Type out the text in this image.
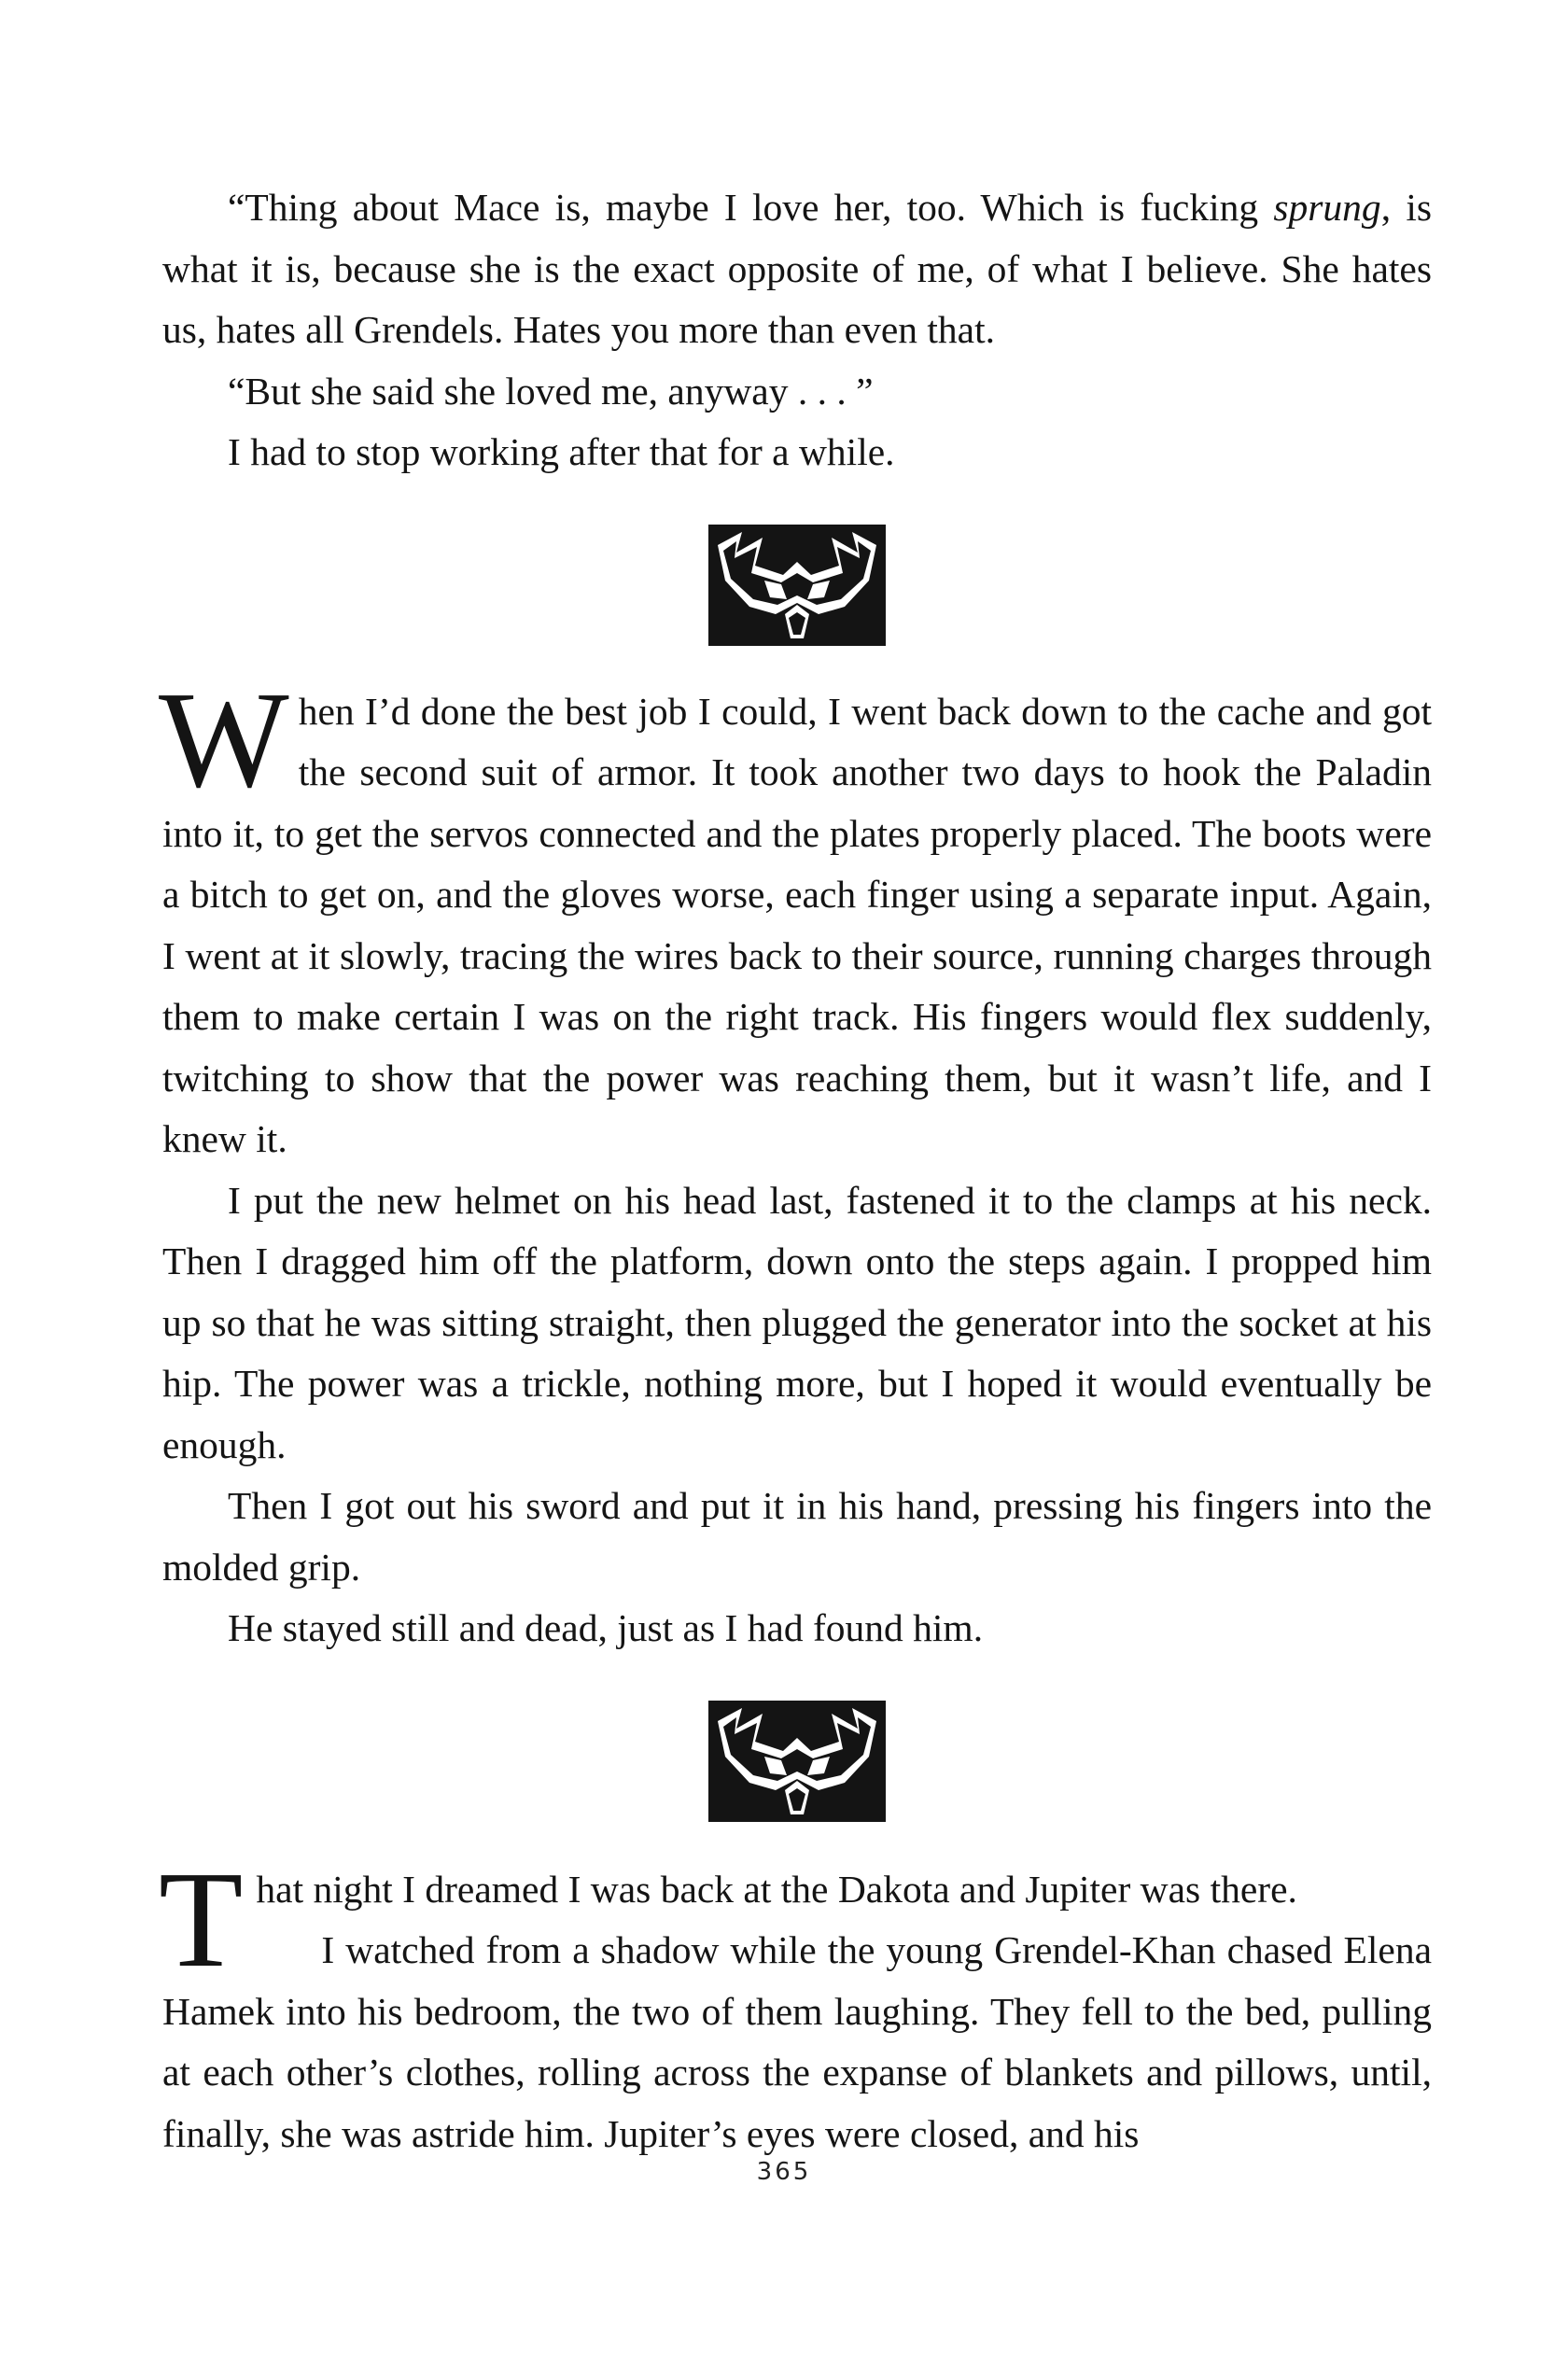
“Thing about Mace is, maybe I love her, too. Which is fucking sprung, is what it is, because she is the exact opposite of me, of what I believe. She hates us, hates all Grendels. Hates you more than even that.

“But she said she loved me, anyway . . . ”

I had to stop working after that for a while.

When I’d done the best job I could, I went back down to the cache and got the second suit of armor. It took another two days to hook the Paladin into it, to get the servos connected and the plates properly placed. The boots were a bitch to get on, and the gloves worse, each finger using a separate input. Again, I went at it slowly, tracing the wires back to their source, running charges through them to make certain I was on the right track. His fingers would flex suddenly, twitching to show that the power was reaching them, but it wasn’t life, and I knew it.

I put the new helmet on his head last, fastened it to the clamps at his neck. Then I dragged him off the platform, down onto the steps again. I propped him up so that he was sitting straight, then plugged the generator into the socket at his hip. The power was a trickle, nothing more, but I hoped it would eventually be enough.

Then I got out his sword and put it in his hand, pressing his fingers into the molded grip.

He stayed still and dead, just as I had found him.

That night I dreamed I was back at the Dakota and Jupiter was there.

I watched from a shadow while the young Grendel-Khan chased Elena Hamek into his bedroom, the two of them laughing. They fell to the bed, pulling at each other’s clothes, rolling across the expanse of blankets and pillows, until, finally, she was astride him. Jupiter’s eyes were closed, and his

365
